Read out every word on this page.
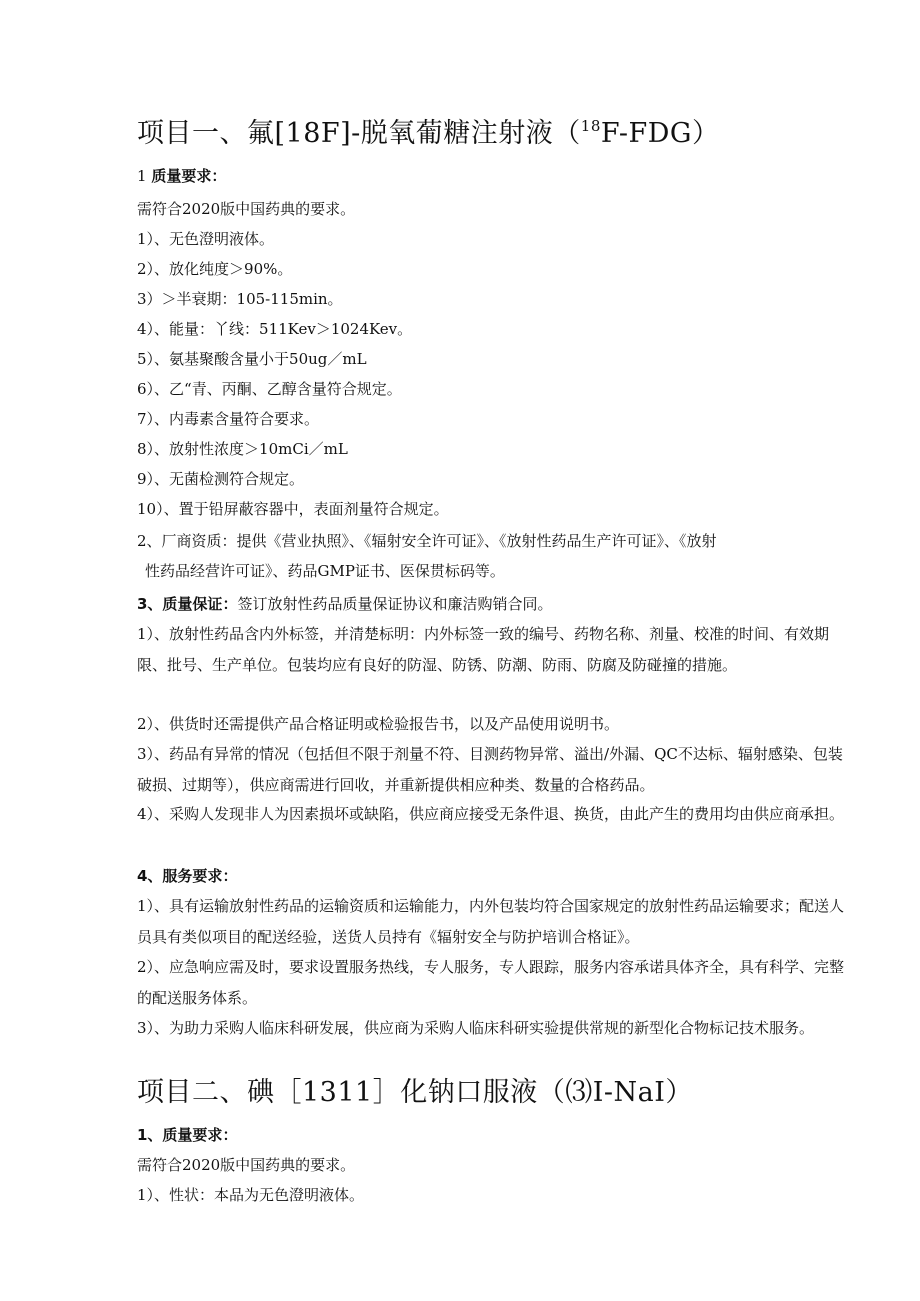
项目一、氟[18F]-脱氧葡糖注射液（$^{18}$F-FDG）
1 质量要求：
需符合2020版中国药典的要求。
1）、无色澄明液体。
2）、放化纯度＞90%。
3）＞半衰期：105-115min。
4）、能量：丫线：511Kev＞1024Kev。
5）、氨基聚酸含量小于50ug／mL
6）、乙“青、丙酮、乙醇含量符合规定。
7）、内毒素含量符合要求。
8）、放射性浓度＞10mCi／mL
9）、无菌检测符合规定。
10）、置于铅屏蔽容器中，表面剂量符合规定。
2、厂商资质：提供《营业执照》、《辐射安全许可证》、《放射性药品生产许可证》、《放射
性药品经营许可证》、药品GMP证书、医保贯标码等。
3、质量保证：签订放射性药品质量保证协议和廉洁购销合同。
1）、放射性药品含内外标签，并清楚标明：内外标签一致的编号、药物名称、剂量、校准的时间、有效期限、批号、生产单位。包装均应有良好的防湿、防锈、防潮、防雨、防腐及防碰撞的措施。
2）、供货时还需提供产品合格证明或检验报告书，以及产品使用说明书。
3）、药品有异常的情况（包括但不限于剂量不符、目测药物异常、溢出/外漏、QC不达标、辐射感染、包装破损、过期等），供应商需进行回收，并重新提供相应种类、数量的合格药品。
4）、采购人发现非人为因素损坏或缺陷，供应商应接受无条件退、换货，由此产生的费用均由供应商承担。
4、服务要求：
1）、具有运输放射性药品的运输资质和运输能力，内外包装均符合国家规定的放射性药品运输要求；配送人员具有类似项目的配送经验，送货人员持有《辐射安全与防护培训合格证》。
2）、应急响应需及时，要求设置服务热线，专人服务，专人跟踪，服务内容承诺具体齐全，具有科学、完整的配送服务体系。
3）、为助力采购人临床科研发展，供应商为采购人临床科研实验提供常规的新型化合物标记技术服务。
项目二、碘［1311］化钠口服液（⑶I-NaI）
1、质量要求：
需符合2020版中国药典的要求。
1）、性状：本品为无色澄明液体。
